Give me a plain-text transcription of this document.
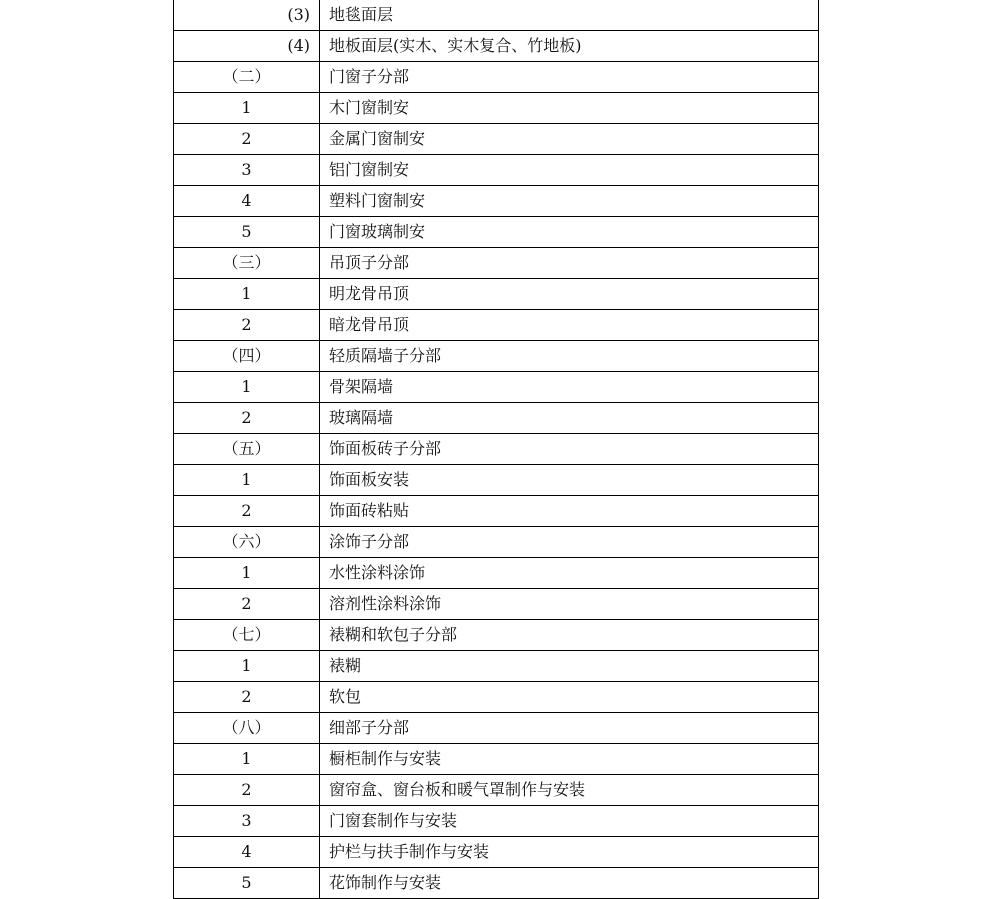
(3)	地毯面层
(4)	地板面层(实木、实木复合、竹地板)
（二）	门窗子分部
1	木门窗制安
2	金属门窗制安
3	铝门窗制安
4	塑料门窗制安
5	门窗玻璃制安
（三）	吊顶子分部
1	明龙骨吊顶
2	暗龙骨吊顶
（四）	轻质隔墙子分部
1	骨架隔墙
2	玻璃隔墙
（五）	饰面板砖子分部
1	饰面板安装
2	饰面砖粘贴
（六）	涂饰子分部
1	水性涂料涂饰
2	溶剂性涂料涂饰
（七）	裱糊和软包子分部
1	裱糊
2	软包
（八）	细部子分部
1	橱柜制作与安装
2	窗帘盒、窗台板和暖气罩制作与安装
3	门窗套制作与安装
4	护栏与扶手制作与安装
5	花饰制作与安装
